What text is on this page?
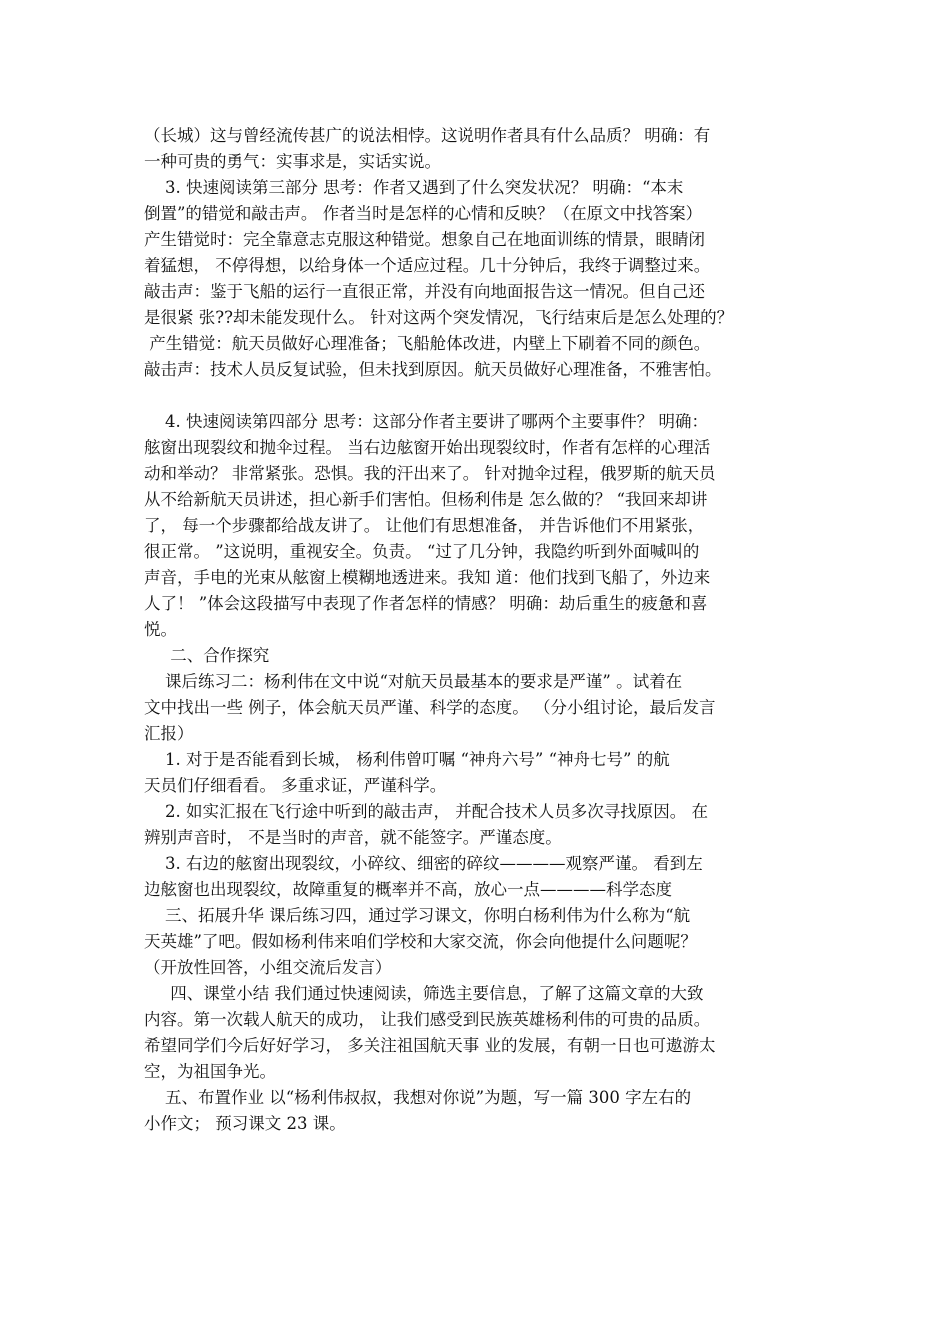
（长城）这与曾经流传甚广的说法相悖。这说明作者具有什么品质？ 明确：有
一种可贵的勇气：实事求是，实话实说。
3. 快速阅读第三部分 思考：作者又遇到了什么突发状况？ 明确：“本末
倒置”的错觉和敲击声。 作者当时是怎样的心情和反映？（在原文中找答案）
产生错觉时：完全靠意志克服这种错觉。想象自己在地面训练的情景，眼睛闭
着猛想， 不停得想，以给身体一个适应过程。几十分钟后，我终于调整过来。
敲击声：鉴于飞船的运行一直很正常，并没有向地面报告这一情况。但自己还
是很紧 张??却未能发现什么。 针对这两个突发情况，飞行结束后是怎么处理的？
产生错觉：航天员做好心理准备；飞船舱体改进，内壁上下刷着不同的颜色。
敲击声：技术人员反复试验，但未找到原因。航天员做好心理准备，不雅害怕。
4. 快速阅读第四部分 思考：这部分作者主要讲了哪两个主要事件？ 明确：
舷窗出现裂纹和抛伞过程。 当右边舷窗开始出现裂纹时，作者有怎样的心理活
动和举动？ 非常紧张。恐惧。我的汗出来了。 针对抛伞过程，俄罗斯的航天员
从不给新航天员讲述，担心新手们害怕。但杨利伟是 怎么做的？ “我回来却讲
了， 每一个步骤都给战友讲了。 让他们有思想准备， 并告诉他们不用紧张，
很正常。 ”这说明，重视安全。负责。 “过了几分钟，我隐约听到外面喊叫的
声音，手电的光束从舷窗上模糊地透进来。我知 道：他们找到飞船了，外边来
人了！ ”体会这段描写中表现了作者怎样的情感？ 明确：劫后重生的疲惫和喜
悦。
二、合作探究
课后练习二：杨利伟在文中说“对航天员最基本的要求是严谨” 。试着在
文中找出一些 例子，体会航天员严谨、科学的态度。 （分小组讨论，最后发言
汇报）
1. 对于是否能看到长城， 杨利伟曾叮嘱 “神舟六号” “神舟七号” 的航
天员们仔细看看。 多重求证，严谨科学。
2. 如实汇报在飞行途中听到的敲击声， 并配合技术人员多次寻找原因。 在
辨别声音时， 不是当时的声音，就不能签字。严谨态度。
3. 右边的舷窗出现裂纹，小碎纹、细密的碎纹————观察严谨。 看到左
边舷窗也出现裂纹，故障重复的概率并不高，放心一点————科学态度
三、拓展升华 课后练习四，通过学习课文，你明白杨利伟为什么称为“航
天英雄”了吧。假如杨利伟来咱们学校和大家交流，你会向他提什么问题呢？
（开放性回答，小组交流后发言）
四、课堂小结 我们通过快速阅读，筛选主要信息，了解了这篇文章的大致
内容。第一次载人航天的成功， 让我们感受到民族英雄杨利伟的可贵的品质。
希望同学们今后好好学习， 多关注祖国航天事 业的发展，有朝一日也可遨游太
空，为祖国争光。
五、布置作业 以“杨利伟叔叔，我想对你说”为题，写一篇 300 字左右的
小作文； 预习课文 23 课。
